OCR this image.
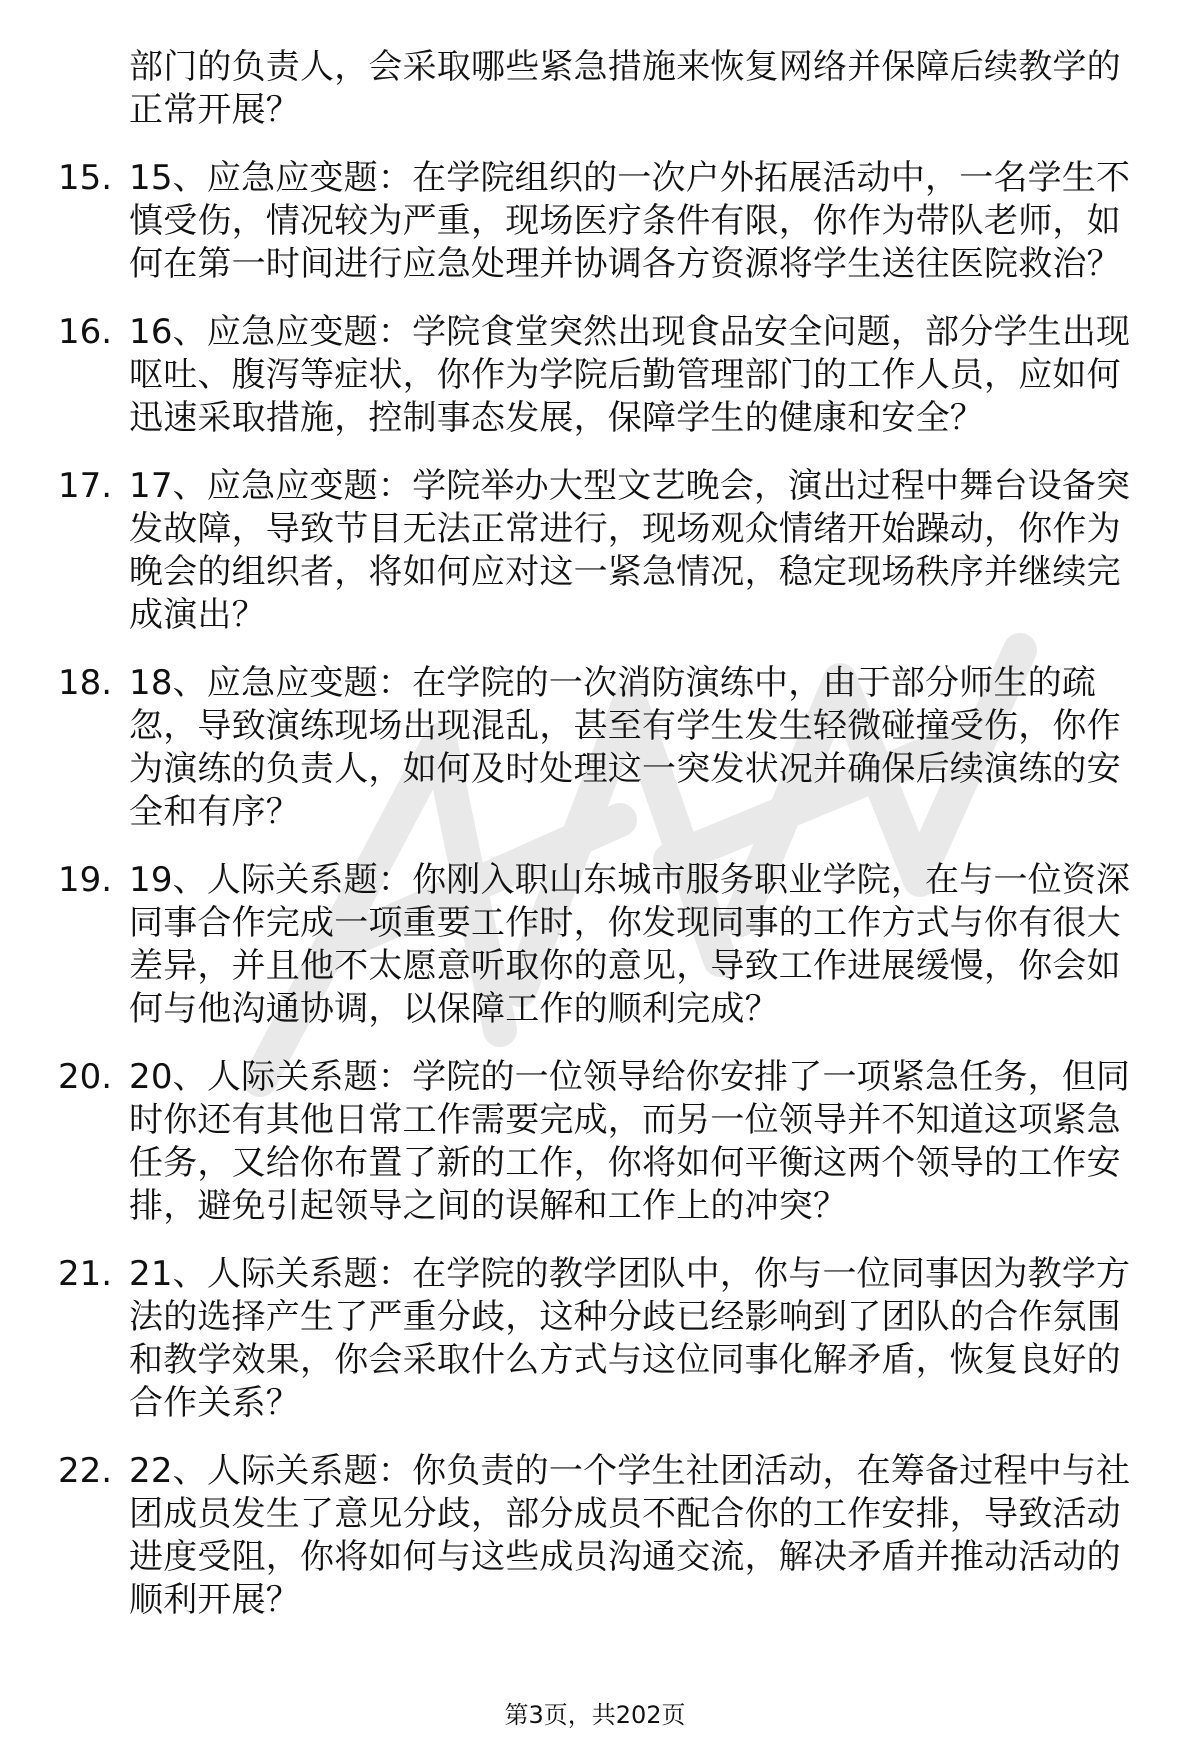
部门的负责人，会采取哪些紧急措施来恢复网络并保障后续教学的正常开展？

15. 15、应急应变题：在学院组织的一次户外拓展活动中，一名学生不慎受伤，情况较为严重，现场医疗条件有限，你作为带队老师，如何在第一时间进行应急处理并协调各方资源将学生送往医院救治？

16. 16、应急应变题：学院食堂突然出现食品安全问题，部分学生出现呕吐、腹泻等症状，你作为学院后勤管理部门的工作人员，应如何迅速采取措施，控制事态发展，保障学生的健康和安全？

17. 17、应急应变题：学院举办大型文艺晚会，演出过程中舞台设备突发故障，导致节目无法正常进行，现场观众情绪开始躁动，你作为晚会的组织者，将如何应对这一紧急情况，稳定现场秩序并继续完成演出？

18. 18、应急应变题：在学院的一次消防演练中，由于部分师生的疏忽，导致演练现场出现混乱，甚至有学生发生轻微碰撞受伤，你作为演练的负责人，如何及时处理这一突发状况并确保后续演练的安全和有序？

19. 19、人际关系题：你刚入职山东城市服务职业学院，在与一位资深同事合作完成一项重要工作时，你发现同事的工作方式与你有很大差异，并且他不太愿意听取你的意见，导致工作进展缓慢，你会如何与他沟通协调，以保障工作的顺利完成？

20. 20、人际关系题：学院的一位领导给你安排了一项紧急任务，但同时你还有其他日常工作需要完成，而另一位领导并不知道这项紧急任务，又给你布置了新的工作，你将如何平衡这两个领导的工作安排，避免引起领导之间的误解和工作上的冲突？

21. 21、人际关系题：在学院的教学团队中，你与一位同事因为教学方法的选择产生了严重分歧，这种分歧已经影响到了团队的合作氛围和教学效果，你会采取什么方式与这位同事化解矛盾，恢复良好的合作关系？

22. 22、人际关系题：你负责的一个学生社团活动，在筹备过程中与社团成员发生了意见分歧，部分成员不配合你的工作安排，导致活动进度受阻，你将如何与这些成员沟通交流，解决矛盾并推动活动的顺利开展？

第3页，共202页
